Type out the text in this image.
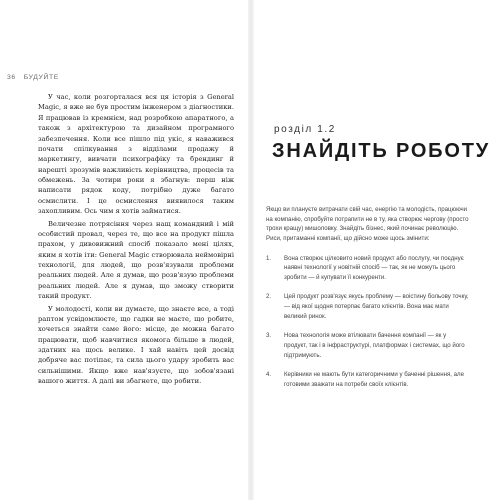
36 БУДУЙТЕ

У час, коли розгорталася вся ця історія з General Magic, я вже не був простим інженером з діагностики. Я працював із кремнієм, над розробкою апаратного, а також з архітектурою та дизайном програмного забезпечення. Коли все пішло під укіс, я наважився почати спілкування з відділами продажу й маркетингу, вивчати психографіку та брендинг й нарешті зрозумів важливість керівництва, процесів та обмежень. За чотири роки я збагнув: перш ніж написати рядок коду, потрібно дуже багато осмислити. І це осмислення виявилося таким захопливим. Ось чим я хотів займатися.

Величезне потрясіння через нащ командний і мій особистий провал, через те, що все на продукт пішла прахом, у дивовижний спосіб показало мені цілях, яким я хотів іти: General Magic створювала неймовірні технології, для людей, що розв'язували проблеми реальних людей. Але я думав, що розв'язую проблеми реальних людей. Але я думав, що зможу створити такий продукт.

У молодості, коли ви думаєте, що знаєте все, а тоді раптом усвідомлюєте, що гадки не маєте, що робите, хочеться знайти саме його: місце, де можна багато працювати, щоб навчитися якомога більше в людей, здатних на щось велике. І хай навіть цей досвід добряче вас потіпає, та сила цього удару зробить вас сильнішими. Якщо вже нав'язуєте, що зобов'язані вашого життя. А далі ви збагнете, що робити.

розділ 1.2
ЗНАЙДІТЬ РОБОТУ

Якщо ви плануєте витрачати свій час, енергію та молодість, працюючи на компанію, спробуйте потрапити не в ту, яка створює чергову (просто трохи кращу) мишоловку. Знайдіть бізнес, який починає революцію. Риси, притаманні компанії, що дійсно може щось змінити:

1.	Вона створює цілковито новий продукт або послугу, чи поєднує наявні технології у новітній спосіб — так, як не можуть цього зробити — й купувати її конкуренти.
2.	Цей продукт розв'язує якусь проблему — воістину больову точку, — від якої щодня потерпає багато клієнтів. Вона має мати великий ринок.
3.	Нова технологія може втілювати бачення компанії — як у продукт, так і в інфраструктурі, платформах і системах, що його підтримують.
4.	Керівники не мають бути категоричними у баченні рішення, але готовими зважати на потреби своїх клієнтів.
